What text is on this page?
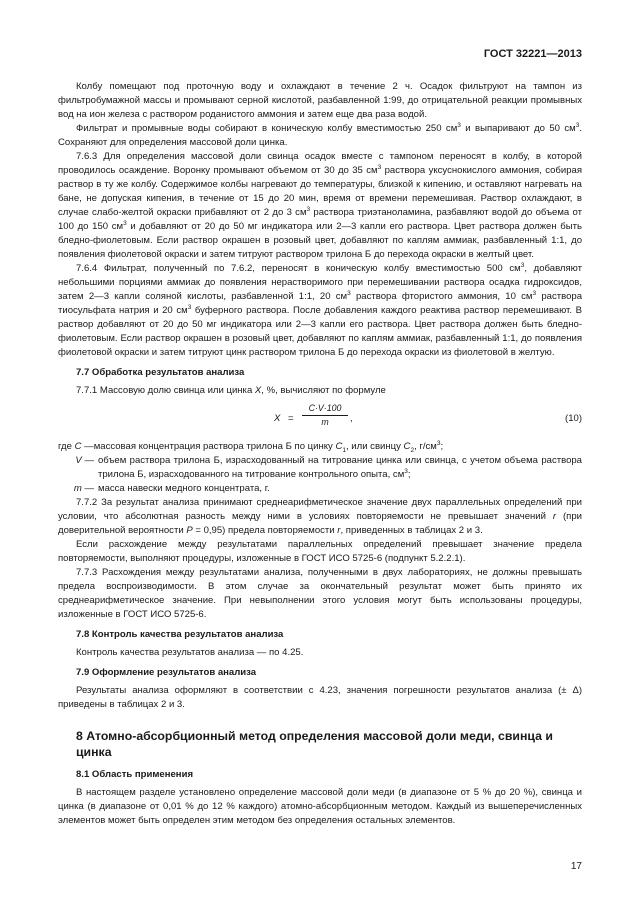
ГОСТ 32221—2013

Колбу помещают под проточную воду и охлаждают в течение 2 ч. Осадок фильтруют на тампон из фильтробумажной массы и промывают серной кислотой, разбавленной 1:99, до отрицательной реакции промывных вод на ион железа с раствором роданистого аммония и затем еще два раза водой.

Фильтрат и промывные воды собирают в коническую колбу вместимостью 250 $см^3$ и выпаривают до 50 $см^3$. Сохраняют для определения массовой доли цинка.

7.6.3 Для определения массовой доли свинца осадок вместе с тампоном переносят в колбу, в которой проводилось осаждение. Воронку промывают объемом от 30 до 35 $см^3$ раствора уксуснокислого аммония, собирая раствор в ту же колбу. Содержимое колбы нагревают до температуры, близкой к кипению, и оставляют нагревать на бане, не допуская кипения, в течение от 15 до 20 мин, время от времени перемешивая. Раствор охлаждают, в случае слабо-желтой окраски прибавляют от 2 до 3 $см^3$ раствора триэтаноламина, разбавляют водой до объема от 100 до 150 $см^3$ и добавляют от 20 до 50 мг индикатора или 2—3 капли его раствора. Цвет раствора должен быть бледно-фиолетовым. Если раствор окрашен в розовый цвет, добавляют по каплям аммиак, разбавленный 1:1, до появления фиолетовой окраски и затем титруют раствором трилона Б до перехода окраски в желтый цвет.

7.6.4 Фильтрат, полученный по 7.6.2, переносят в коническую колбу вместимостью 500 $см^3$, добавляют небольшими порциями аммиак до появления нерастворимого при перемешивании раствора осадка гидроксидов, затем 2—3 капли соляной кислоты, разбавленной 1:1, 20 $см^3$ раствора фтористого аммония, 10 $см^3$ раствора тиосульфата натрия и 20 $см^3$ буферного раствора. После добавления каждого реактива раствор перемешивают. В раствор добавляют от 20 до 50 мг индикатора или 2—3 капли его раствора. Цвет раствора должен быть бледно-фиолетовым. Если раствор окрашен в розовый цвет, добавляют по каплям аммиак, разбавленный 1:1, до появления фиолетовой окраски и затем титруют цинк раствором трилона Б до перехода окраски из фиолетовой в желтую.

7.7 Обработка результатов анализа

7.7.1 Массовую долю свинца или цинка X, %, вычисляют по формуле

$X = \frac{C\cdot V\cdot 100}{m}$ ,	(10)
где C — массовая концентрация раствора трилона Б по цинку $C_1$, или свинцу $C_2$, $г/см^3$;
V — объем раствора трилона Б, израсходованный на титрование цинка или свинца, с учетом объема раствора трилона Б, израсходованного на титрование контрольного опыта, $см^3$;
m — масса навески медного концентрата, г.

7.7.2 За результат анализа принимают среднеарифметическое значение двух параллельных определений при условии, что абсолютная разность между ними в условиях повторяемости не превышает значений r (при доверительной вероятности P = 0,95) предела повторяемости r, приведенных в таблицах 2 и 3.

Если расхождение между результатами параллельных определений превышает значение предела повторяемости, выполняют процедуры, изложенные в ГОСТ ИСО 5725-6 (подпункт 5.2.2.1).

7.7.3 Расхождения между результатами анализа, полученными в двух лабораториях, не должны превышать предела воспроизводимости. В этом случае за окончательный результат может быть принято их среднеарифметическое значение. При невыполнении этого условия могут быть использованы процедуры, изложенные в ГОСТ ИСО 5725-6.

7.8 Контроль качества результатов анализа

Контроль качества результатов анализа — по 4.25.

7.9 Оформление результатов анализа

Результаты анализа оформляют в соответствии с 4.23, значения погрешности результатов анализа (± Δ) приведены в таблицах 2 и 3.

8 Атомно-абсорбционный метод определения массовой доли меди, свинца и цинка
8.1 Область применения

В настоящем разделе установлено определение массовой доли меди (в диапазоне от 5 % до 20 %), свинца и цинка (в диапазоне от 0,01 % до 12 % каждого) атомно-абсорбционным методом. Каждый из вышеперечисленных элементов может быть определен этим методом без определения остальных элементов.

17
